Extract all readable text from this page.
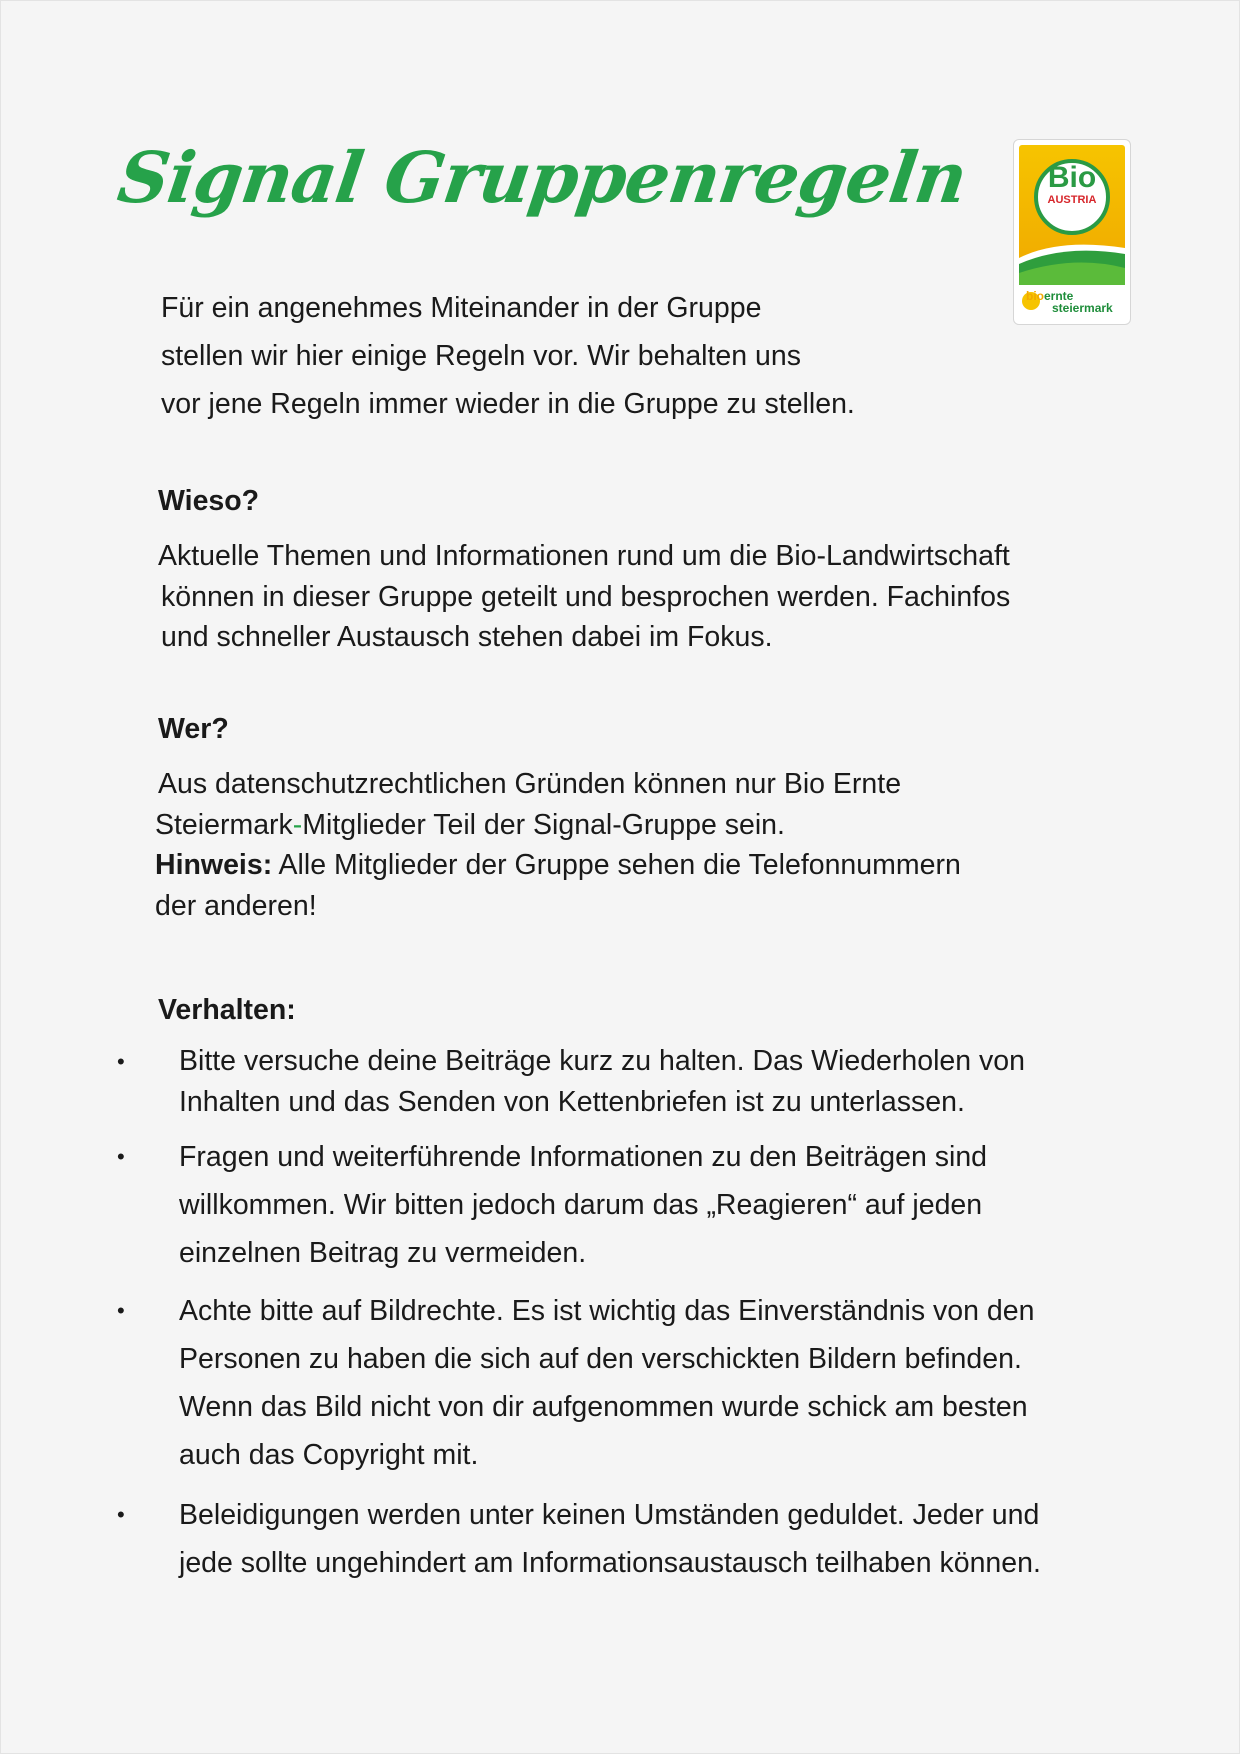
Signal Gruppenregeln	Bio
AUSTRIA
bioernte
steiermark

Für ein angenehmes Miteinander in der Gruppe

stellen wir hier einige Regeln vor. Wir behalten uns

vor jene Regeln immer wieder in die Gruppe zu stellen.

Wieso?

Aktuelle Themen und Informationen rund um die Bio-Landwirtschaft

können in dieser Gruppe geteilt und besprochen werden. Fachinfos

und schneller Austausch stehen dabei im Fokus.

Wer?

Aus datenschutzrechtlichen Gründen können nur Bio Ernte

Steiermark-Mitglieder Teil der Signal-Gruppe sein.

Hinweis: Alle Mitglieder der Gruppe sehen die Telefonnummern

der anderen!

Verhalten:
• Bitte versuche deine Beiträge kurz zu halten. Das Wiederholen von

Inhalten und das Senden von Kettenbriefen ist zu unterlassen.

• Fragen und weiterführende Informationen zu den Beiträgen sind

willkommen. Wir bitten jedoch darum das „Reagieren“ auf jeden

einzelnen Beitrag zu vermeiden.

• Achte bitte auf Bildrechte. Es ist wichtig das Einverständnis von den

Personen zu haben die sich auf den verschickten Bildern befinden.

Wenn das Bild nicht von dir aufgenommen wurde schick am besten

auch das Copyright mit.

• Beleidigungen werden unter keinen Umständen geduldet. Jeder und

jede sollte ungehindert am Informationsaustausch teilhaben können.
